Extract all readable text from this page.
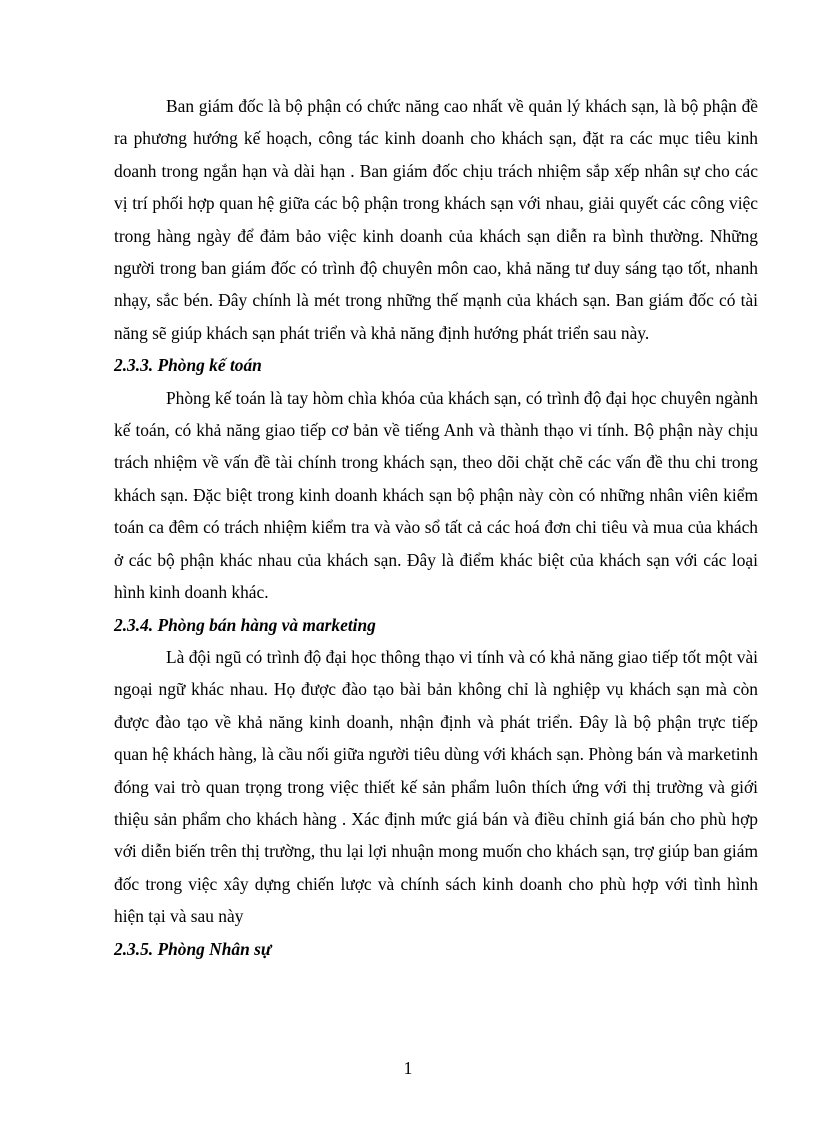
Ban giám đốc là bộ phận có chức năng cao nhất về quản lý khách sạn, là bộ phận đề ra phương hướng kế hoạch, công tác kinh doanh cho khách sạn, đặt ra các mục tiêu kinh doanh trong ngắn hạn và dài hạn . Ban giám đốc chịu trách nhiệm sắp xếp nhân sự cho các vị trí phối hợp quan hệ giữa các bộ phận trong khách sạn với nhau, giải quyết các công việc trong hàng ngày để đảm bảo việc kinh doanh của khách sạn diễn ra bình thường. Những người trong ban giám đốc có trình độ chuyên môn cao, khả năng tư duy sáng tạo tốt, nhanh nhạy, sắc bén. Đây chính là mét trong những thế mạnh của khách sạn. Ban giám đốc có tài năng sẽ giúp khách sạn phát triển và khả năng định hướng phát triển sau này.

2.3.3. Phòng kế toán

Phòng kế toán là tay hòm chìa khóa của khách sạn, có trình độ đại học chuyên ngành kế toán, có khả năng giao tiếp cơ bản về tiếng Anh và thành thạo vi tính. Bộ phận này chịu trách nhiệm về vấn đề tài chính trong khách sạn, theo dõi chặt chẽ các vấn đề thu chi trong khách sạn. Đặc biệt trong kinh doanh khách sạn bộ phận này còn có những nhân viên kiểm toán ca đêm có trách nhiệm kiểm tra và vào sổ tất cả các hoá đơn chi tiêu và mua của khách ở các bộ phận khác nhau của khách sạn. Đây là điểm khác biệt của khách sạn với các loại hình kinh doanh khác.

2.3.4. Phòng bán hàng và marketing

Là đội ngũ có trình độ đại học thông thạo vi tính và có khả năng giao tiếp tốt một vài ngoại ngữ khác nhau. Họ được đào tạo bài bản không chỉ là nghiệp vụ khách sạn mà còn được đào tạo về khả năng kinh doanh, nhận định và phát triển. Đây là bộ phận trực tiếp quan hệ khách hàng, là cầu nối giữa người tiêu dùng với khách sạn. Phòng bán và marketinh đóng vai trò quan trọng trong việc thiết kế sản phẩm luôn thích ứng với thị trường và giới thiệu sản phẩm cho khách hàng . Xác định mức giá bán và điều chỉnh giá bán cho phù hợp với diễn biến trên thị trường, thu lại lợi nhuận mong muốn cho khách sạn, trợ giúp ban giám đốc trong việc xây dựng chiến lược và chính sách kinh doanh cho phù hợp với tình hình hiện tại và sau này

2.3.5. Phòng Nhân sự
1
